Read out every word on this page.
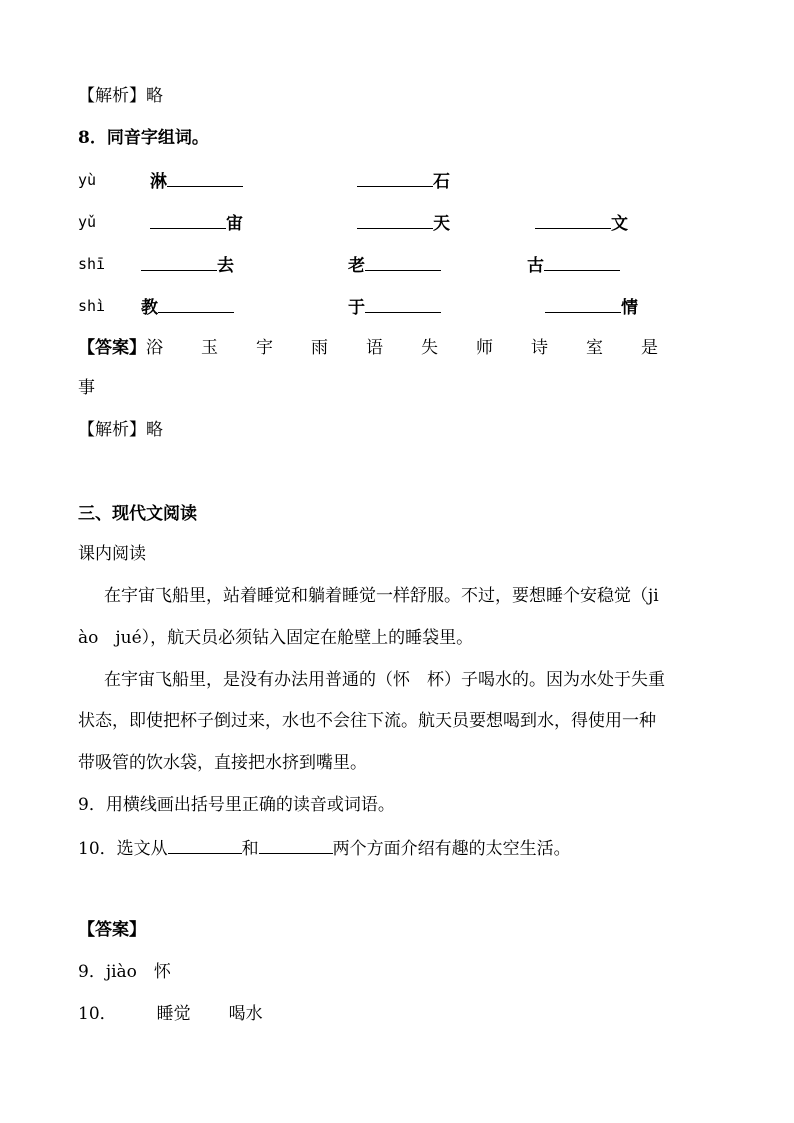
【解析】略
8．同音字组词。
yù	淋	石
yǔ	宙	天	文
shī	去	老	古
shì 教	于	情
【答案】浴 玉 宇 雨 语 失 师 诗 室 是
事
【解析】略
三、现代文阅读
课内阅读
在宇宙飞船里，站着睡觉和躺着睡觉一样舒服。不过，要想睡个安稳觉（ji
ào　jué），航天员必须钻入固定在舱壁上的睡袋里。
在宇宙飞船里，是没有办法用普通的（怀　杯）子喝水的。因为水处于失重
状态，即使把杯子倒过来，水也不会往下流。航天员要想喝到水，得使用一种
带吸管的饮水袋，直接把水挤到嘴里。
9．用横线画出括号里正确的读音或词语。
10．选文从	和	两个方面介绍有趣的太空生活。
【答案】
9．jiào　怀
10． 睡觉 喝水
